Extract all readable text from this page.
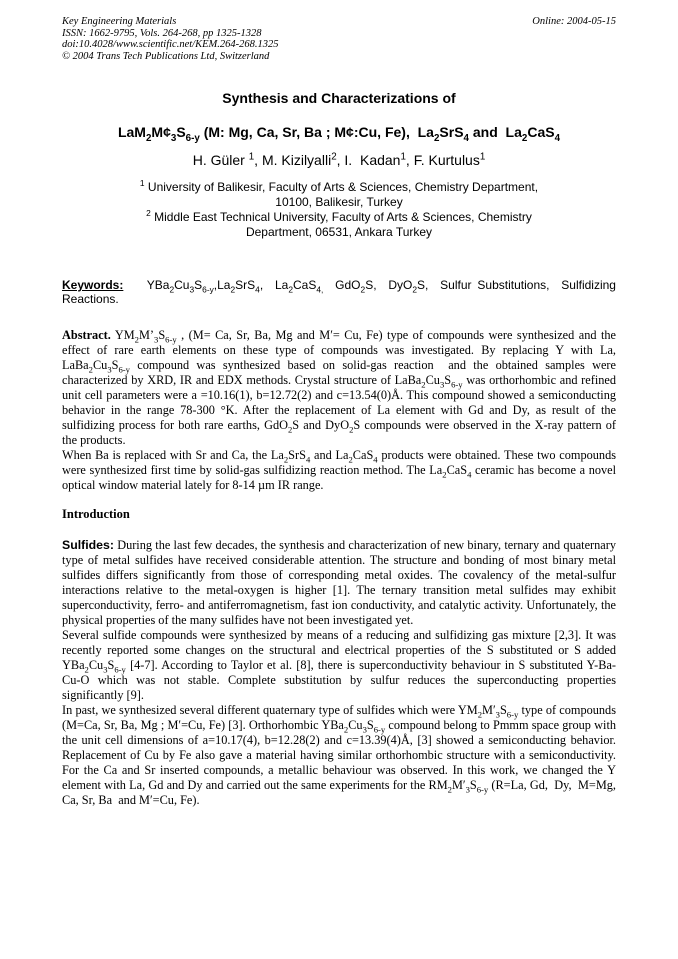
Key Engineering Materials
ISSN: 1662-9795, Vols. 264-268, pp 1325-1328
doi:10.4028/www.scientific.net/KEM.264-268.1325
© 2004 Trans Tech Publications Ltd, Switzerland
Online: 2004-05-15
Synthesis and Characterizations of
$LaM_2M¢_3S_{6-y}$ (M: Mg, Ca, Sr, Ba ; M¢:Cu, Fe),  $La_2SrS_4$ and  $La_2CaS_4$
H. Güler $^1$, M. Kizilyalli$^2$, I.  Kadan$^1$, F. Kurtulus$^1$
$^1$ University of Balikesir, Faculty of Arts & Sciences, Chemistry Department,
10100, Balikesir, Turkey
$^2$ Middle East Technical University, Faculty of Arts & Sciences, Chemistry
Department, 06531, Ankara Turkey
Keywords:    $YBa_2Cu_3S_{6-y},La_2SrS_4$,  $La_2CaS_{4,}$  GdO$_2$S,  DyO$_2$S,  Sulfur Substitutions,  Sulfidizing Reactions.

Abstract. $YM_2M’_3S_{6-y}$ , (M= Ca, Sr, Ba, Mg and M′= Cu, Fe) type of compounds were synthesized and the effect of rare earth elements on these type of compounds was investigated. By replacing Y with La, $LaBa_2Cu_3S_{6-y}$ compound was synthesized based on solid-gas reaction  and the obtained samples were characterized by XRD, IR and EDX methods. Crystal structure of $LaBa_2Cu_3S_{6-y}$ was orthorhombic and refined unit cell parameters were a =10.16(1), b=12.72(2) and c=13.54(0)Å. This compound showed a semiconducting behavior in the range 78-300 °K. After the replacement of La element with Gd and Dy, as result of the sulfidizing process for both rare earths, GdO$_2$S and DyO$_2$S compounds were observed in the X-ray pattern of the products.

When Ba is replaced with Sr and Ca, the $La_2SrS_4$ and $La_2CaS_4$ products were obtained. These two compounds were synthesized first time by solid-gas sulfidizing reaction method. The $La_2CaS_4$ ceramic has become a novel optical window material lately for 8-14 µm IR range.

Introduction

Sulfides: During the last few decades, the synthesis and characterization of new binary, ternary and quaternary type of metal sulfides have received considerable attention. The structure and bonding of most binary metal sulfides differs significantly from those of corresponding metal oxides. The covalency of the metal-sulfur interactions relative to the metal-oxygen is higher [1]. The ternary transition metal sulfides may exhibit superconductivity, ferro- and antiferromagnetism, fast ion conductivity, and catalytic activity. Unfortunately, the physical properties of the many sulfides have not been investigated yet.

Several sulfide compounds were synthesized by means of a reducing and sulfidizing gas mixture [2,3]. It was recently reported some changes on the structural and electrical properties of the S substituted or S added $YBa_2Cu_3S_{6-y}$ [4-7]. According to Taylor et al. [8], there is superconductivity behaviour in S substituted Y-Ba-Cu-O which was not stable. Complete substitution by sulfur reduces the superconducting properties significantly [9].

In past, we synthesized several different quaternary type of sulfides which were $YM_2M'_3S_{6-y}$ type of compounds (M=Ca, Sr, Ba, Mg ; M′=Cu, Fe) [3]. Orthorhombic $YBa_2Cu_3S_{6-y}$ compound belong to Pmmm space group with the unit cell dimensions of a=10.17(4), b=12.28(2) and c=13.39(4)Å, [3] showed a semiconducting behavior. Replacement of Cu by Fe also gave a material having similar orthorhombic structure with a semiconductivity. For the Ca and Sr inserted compounds, a metallic behaviour was observed. In this work, we changed the Y element with La, Gd and Dy and carried out the same experiments for the $RM_2M'_3S_{6-y}$ (R=La, Gd,  Dy,  M=Mg, Ca, Sr, Ba  and M′=Cu, Fe).
